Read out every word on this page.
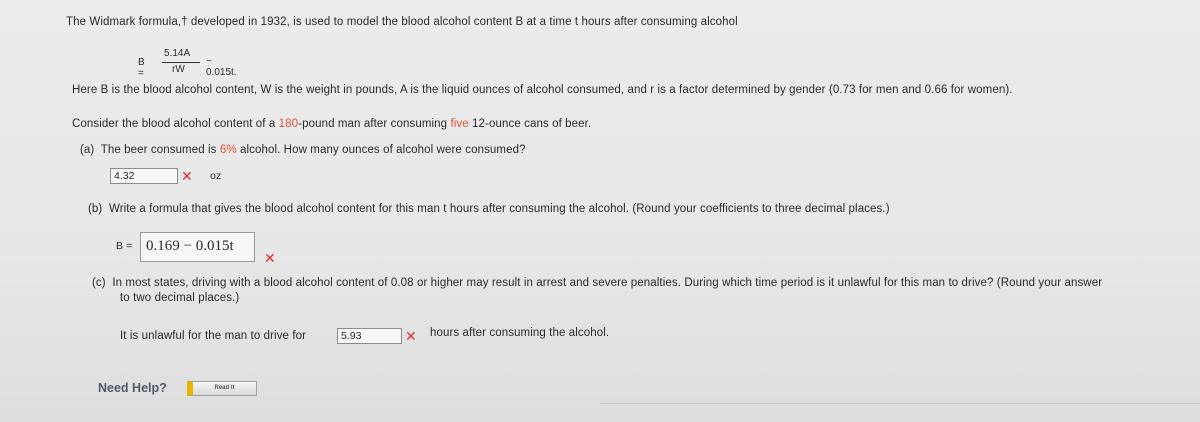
The Widmark formula,† developed in 1932, is used to model the blood alcohol content B at a time t hours after consuming alcohol
B =
5.14A
rW
− 0.015t.
Here B is the blood alcohol content, W is the weight in pounds, A is the liquid ounces of alcohol consumed, and r is a factor determined by gender (0.73 for men and 0.66 for women).
Consider the blood alcohol content of a 180-pound man after consuming five 12-ounce cans of beer.
(a) The beer consumed is 6% alcohol. How many ounces of alcohol were consumed?
4.32	✕ oz
(b) Write a formula that gives the blood alcohol content for this man t hours after consuming the alcohol. (Round your coefficients to three decimal places.)
B = 0.169 − 0.015t
✕
(c) In most states, driving with a blood alcohol content of 0.08 or higher may result in arrest and severe penalties. During which time period is it unlawful for this man to drive? (Round your answer
to two decimal places.)
It is unlawful for the man to drive for	5.93	✕ hours after consuming the alcohol.
Need Help?	Read It
